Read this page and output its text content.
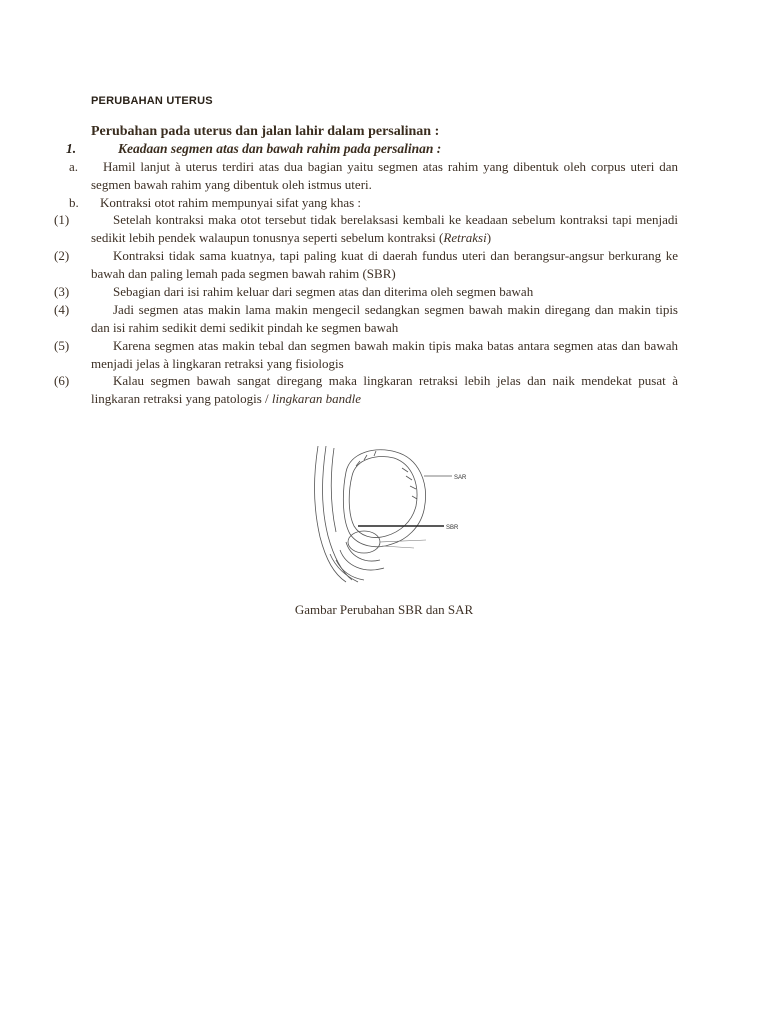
PERUBAHAN UTERUS
Perubahan pada uterus dan jalan lahir dalam persalinan :
1.	Keadaan segmen atas dan bawah rahim pada persalinan :
a.	Hamil lanjut à uterus terdiri atas dua bagian yaitu segmen atas rahim yang dibentuk oleh corpus uteri dan segmen bawah rahim yang dibentuk oleh istmus uteri.
b.	Kontraksi otot rahim mempunyai sifat yang khas :
(1)	Setelah kontraksi maka otot tersebut tidak berelaksasi kembali ke keadaan sebelum kontraksi tapi menjadi sedikit lebih pendek walaupun tonusnya seperti sebelum kontraksi (Retraksi)
(2)	Kontraksi tidak sama kuatnya, tapi paling kuat di daerah fundus uteri dan berangsur-angsur berkurang ke bawah dan paling lemah pada segmen bawah rahim (SBR)
(3)	Sebagian dari isi rahim keluar dari segmen atas dan diterima oleh segmen bawah
(4)	Jadi segmen atas makin lama makin mengecil sedangkan segmen bawah makin diregang dan makin tipis dan isi rahim sedikit demi sedikit pindah ke segmen bawah
(5)	Karena segmen atas makin tebal dan segmen bawah makin tipis maka batas antara segmen atas dan bawah menjadi jelas à lingkaran retraksi yang fisiologis
(6)	Kalau segmen bawah sangat diregang maka lingkaran retraksi lebih jelas dan naik mendekat pusat à lingkaran retraksi yang patologis / lingkaran bandle
SAR
SBR
Gambar Perubahan SBR dan SAR
